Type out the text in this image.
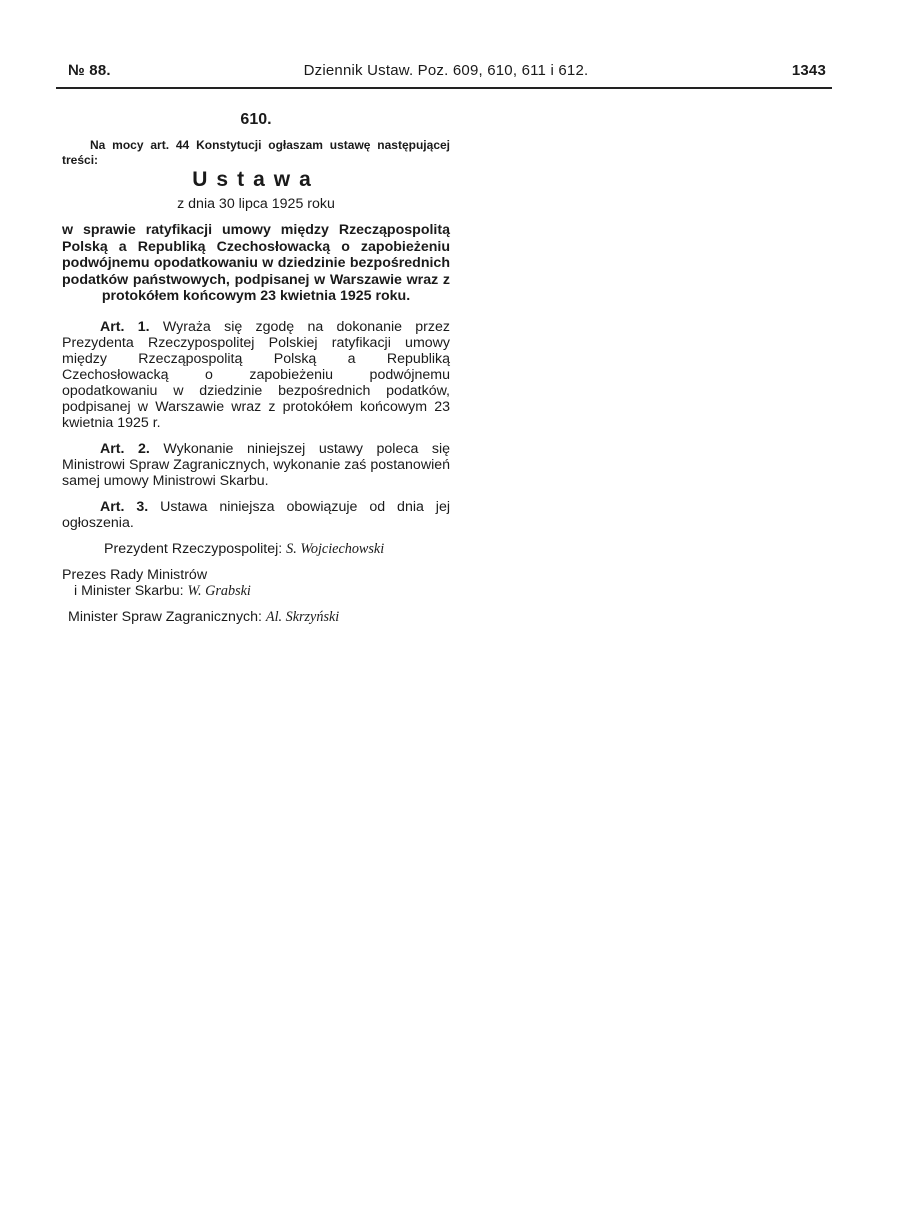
№ 88.	Dziennik Ustaw. Poz. 609, 610, 611 i 612.	1343
610.

Na mocy art. 44 Konstytucji ogłaszam ustawę następującej treści:

Ustawa
z dnia 30 lipca 1925 roku

w sprawie ratyfikacji umowy między Rzecząpospolitą Polską a Republiką Czechosłowacką o zapobieżeniu podwójnemu opodatkowaniu w dziedzinie bezpośrednich podatków państwowych, podpisanej w Warszawie wraz z protokółem końcowym 23 kwietnia 1925 roku.

Art. 1. Wyraża się zgodę na dokonanie przez Prezydenta Rzeczypospolitej Polskiej ratyfikacji umowy między Rzecząpospolitą Polską a Republiką Czechosłowacką o zapobieżeniu podwójnemu opodatkowaniu w dziedzinie bezpośrednich podatków, podpisanej w Warszawie wraz z protokółem końcowym 23 kwietnia 1925 r.

Art. 2. Wykonanie niniejszej ustawy poleca się Ministrowi Spraw Zagranicznych, wykonanie zaś postanowień samej umowy Ministrowi Skarbu.

Art. 3. Ustawa niniejsza obowiązuje od dnia jej ogłoszenia.

Prezydent Rzeczypospolitej: S. Wojciechowski
Prezes Rady Ministrów
i Minister Skarbu: W. Grabski
Minister Spraw Zagranicznych: Al. Skrzyński
